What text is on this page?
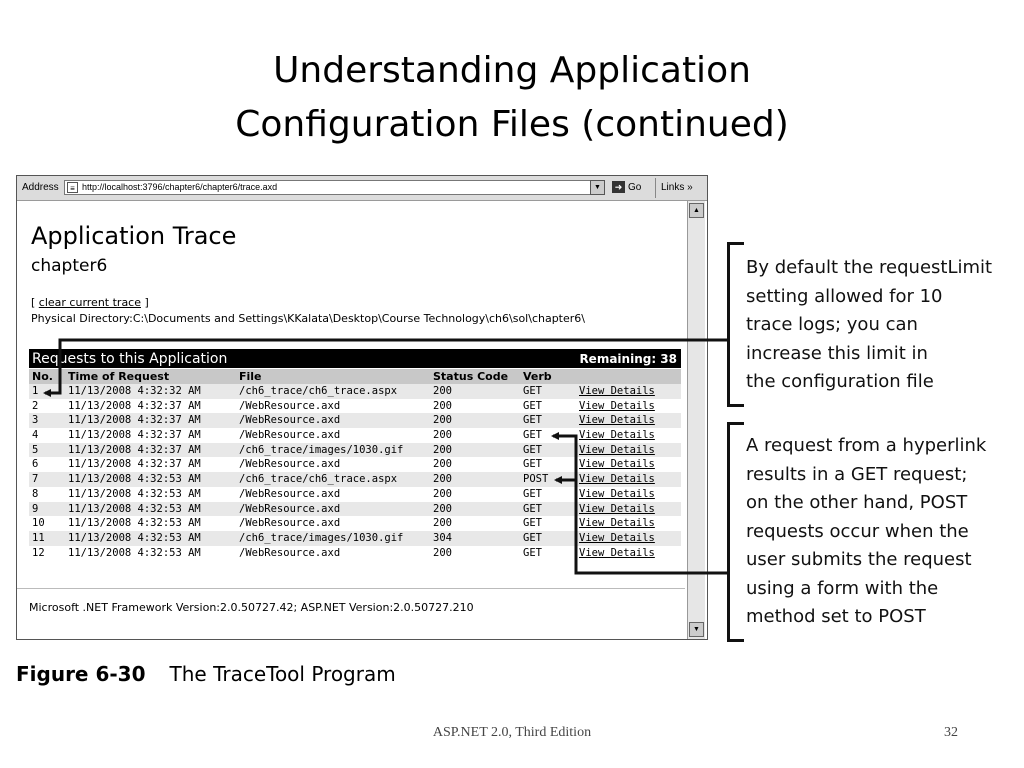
Understanding Application
Configuration Files (continued)
Address	≡ http://localhost:3796/chapter6/chapter6/trace.axd	▼	➜ Go Links »
▲
▼
Application Trace
chapter6
[ clear current trace ]
Physical Directory:C:\Documents and Settings\KKalata\Desktop\Course Technology\ch6\sol\chapter6\
Requests to this Application	Remaining: 38
No. Time of Request	File	Status Code Verb
1	11/13/2008 4:32:32 AM	/ch6_trace/ch6_trace.aspx	200	GET	View Details
2	11/13/2008 4:32:37 AM	/WebResource.axd	200	GET	View Details
3	11/13/2008 4:32:37 AM	/WebResource.axd	200	GET	View Details
4	11/13/2008 4:32:37 AM	/WebResource.axd	200	GET	View Details
5	11/13/2008 4:32:37 AM	/ch6_trace/images/1030.gif	200	GET	View Details
6	11/13/2008 4:32:37 AM	/WebResource.axd	200	GET	View Details
7	11/13/2008 4:32:53 AM	/ch6_trace/ch6_trace.aspx	200	POST	View Details
8	11/13/2008 4:32:53 AM	/WebResource.axd	200	GET	View Details
9	11/13/2008 4:32:53 AM	/WebResource.axd	200	GET	View Details
10 11/13/2008 4:32:53 AM	/WebResource.axd	200	GET	View Details
11 11/13/2008 4:32:53 AM	/ch6_trace/images/1030.gif	304	GET	View Details
12 11/13/2008 4:32:53 AM	/WebResource.axd	200	GET	View Details
Microsoft .NET Framework Version:2.0.50727.42; ASP.NET Version:2.0.50727.210
By default the requestLimit
setting allowed for 10
trace logs; you can
increase this limit in
the configuration file
A request from a hyperlink
results in a GET request;
on the other hand, POST
requests occur when the
user submits the request
using a form with the
method set to POST
Figure 6-30 The TraceTool Program
ASP.NET 2.0, Third Edition	32
